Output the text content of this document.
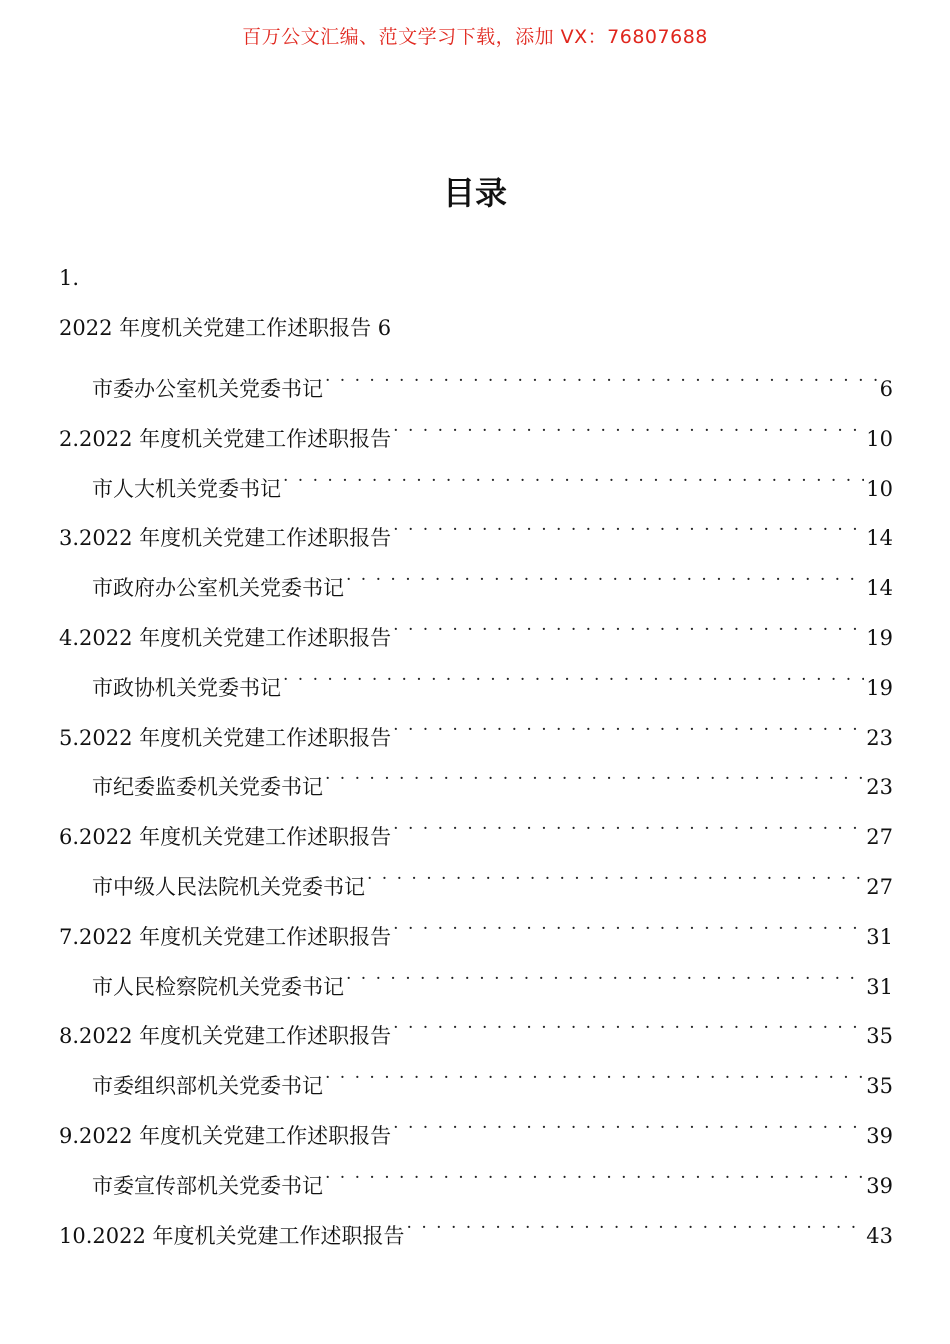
百万公文汇编、范文学习下载，添加 VX：76807688
目录
1.
2022 年度机关党建工作述职报告 6
市委办公室机关党委书记 . . .	6
2.2022 年度机关党建工作述职报告 . . .	10
市人大机关党委书记 . . .	10
3.2022 年度机关党建工作述职报告 . . .	14
市政府办公室机关党委书记 . . .	14
4.2022 年度机关党建工作述职报告 . . .	19
市政协机关党委书记 . . .	19
5.2022 年度机关党建工作述职报告 . . .	23
市纪委监委机关党委书记 . . .	23
6.2022 年度机关党建工作述职报告 . . .	27
市中级人民法院机关党委书记 . . .	27
7.2022 年度机关党建工作述职报告 . . .	31
市人民检察院机关党委书记 . . .	31
8.2022 年度机关党建工作述职报告 . . .	35
市委组织部机关党委书记 . . .	35
9.2022 年度机关党建工作述职报告 . . .	39
市委宣传部机关党委书记 . . .	39
10.2022 年度机关党建工作述职报告 . . .	43
